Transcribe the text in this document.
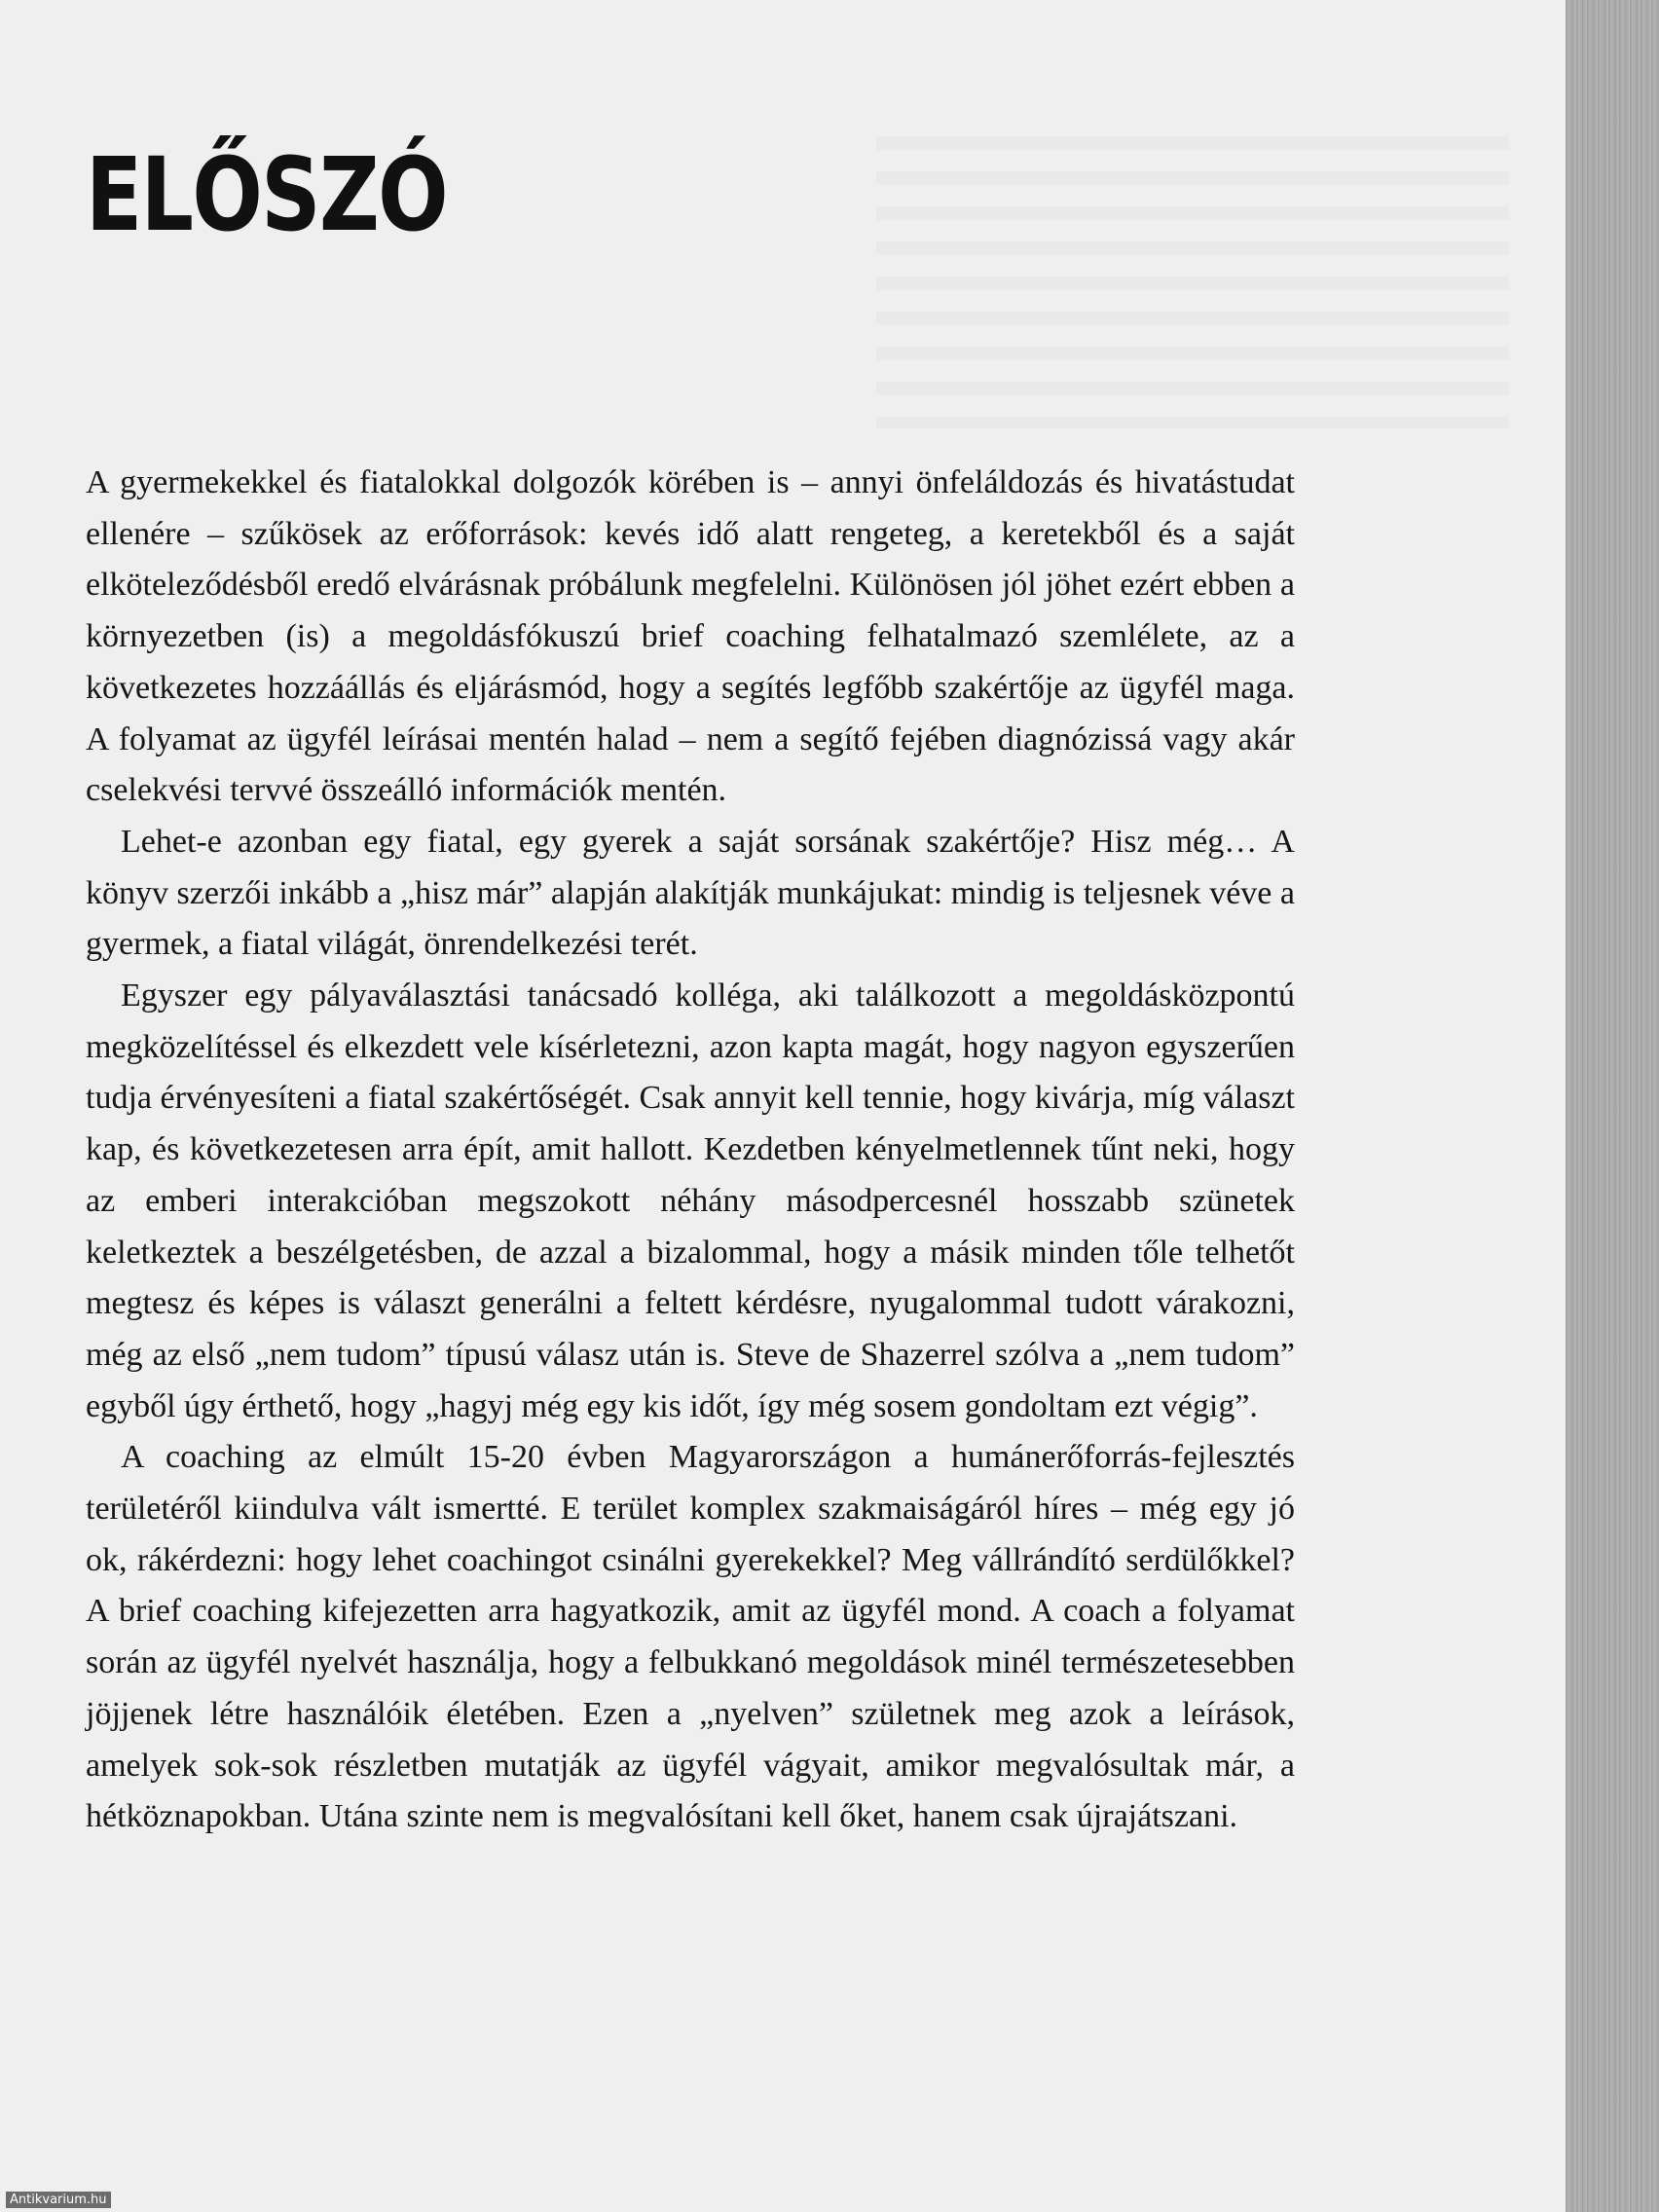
ELŐSZÓ

A gyermekekkel és fiatalokkal dolgozók körében is – annyi önfeláldozás és hivatástudat ellenére – szűkösek az erőforrások: kevés idő alatt rengeteg, a keretekből és a saját elköteleződésből eredő elvárásnak próbálunk megfelelni. Különösen jól jöhet ezért ebben a környezetben (is) a megoldásfókuszú brief coaching felhatalmazó szemlélete, az a következetes hozzáállás és eljárásmód, hogy a segítés legfőbb szakértője az ügyfél maga. A folyamat az ügyfél leírásai mentén halad – nem a segítő fejében diagnózissá vagy akár cselekvési tervvé összeálló információk mentén.

Lehet-e azonban egy fiatal, egy gyerek a saját sorsának szakértője? Hisz még… A könyv szerzői inkább a „hisz már” alapján alakítják munkájukat: mindig is teljesnek véve a gyermek, a fiatal világát, önrendelkezési terét.

Egyszer egy pályaválasztási tanácsadó kolléga, aki találkozott a megoldásközpontú megközelítéssel és elkezdett vele kísérletezni, azon kapta magát, hogy nagyon egyszerűen tudja érvényesíteni a fiatal szakértőségét. Csak annyit kell tennie, hogy kivárja, míg választ kap, és következetesen arra épít, amit hallott. Kezdetben kényelmetlennek tűnt neki, hogy az emberi interakcióban megszokott néhány másodpercesnél hosszabb szünetek keletkeztek a beszélgetésben, de azzal a bizalommal, hogy a másik minden tőle telhetőt megtesz és képes is választ generálni a feltett kérdésre, nyugalommal tudott várakozni, még az első „nem tudom” típusú válasz után is. Steve de Shazerrel szólva a „nem tudom” egyből úgy érthető, hogy „hagyj még egy kis időt, így még sosem gondoltam ezt végig”.

A coaching az elmúlt 15-20 évben Magyarországon a humánerőforrás-fejlesztés területéről kiindulva vált ismertté. E terület komplex szakmaiságáról híres – még egy jó ok, rákérdezni: hogy lehet coachingot csinálni gyerekekkel? Meg vállrándító serdülőkkel? A brief coaching kifejezetten arra hagyatkozik, amit az ügyfél mond. A coach a folyamat során az ügyfél nyelvét használja, hogy a felbukkanó megoldások minél természetesebben jöjjenek létre használóik életében. Ezen a „nyelven” születnek meg azok a leírások, amelyek sok-sok részletben mutatják az ügyfél vágyait, amikor megvalósultak már, a hétköznapokban. Utána szinte nem is megvalósítani kell őket, hanem csak újrajátszani.

Antikvarium.hu
